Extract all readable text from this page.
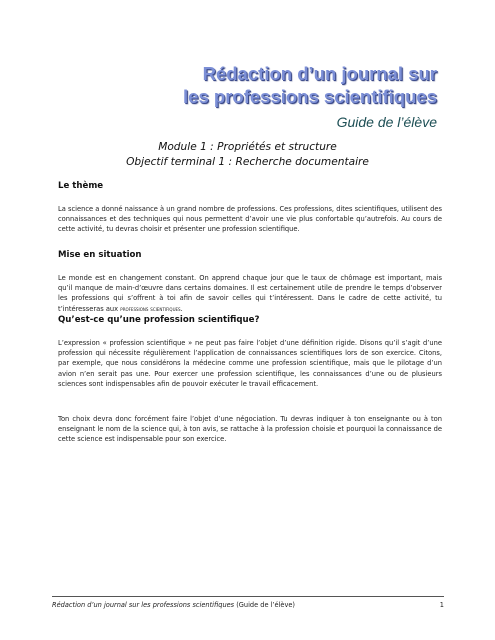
Rédaction d’un journal sur
les professions scientifiques

Guide de l’élève

Module 1 : Propriétés et structure
Objectif terminal 1 : Recherche documentaire
Le thème

La science a donné naissance à un grand nombre de professions. Ces professions, dites scientifiques, utilisent des connaissances et des techniques qui nous permettent d’avoir une vie plus confortable qu’autrefois. Au cours de cette activité, tu devras choisir et présenter une profession scientifique.

Mise en situation

Le monde est en changement constant. On apprend chaque jour que le taux de chômage est important, mais qu’il manque de main-d’œuvre dans certains domaines. Il est certainement utile de prendre le temps d’observer les professions qui s’offrent à toi afin de savoir celles qui t’intéressent. Dans le cadre de cette activité, tu t’intéresseras aux professions scientifiques.

Qu’est-ce qu’une profession scientifique?

L’expression « profession scientifique » ne peut pas faire l’objet d’une définition rigide. Disons qu’il s’agit d’une profession qui nécessite régulièrement l’application de connaissances scientifiques lors de son exercice. Citons, par exemple, que nous considérons la médecine comme une profession scientifique, mais que le pilotage d’un avion n’en serait pas une. Pour exercer une profession scientifique, les connaissances d’une ou de plusieurs sciences sont indispensables afin de pouvoir exécuter le travail efficacement.

Ton choix devra donc forcément faire l’objet d’une négociation. Tu devras indiquer à ton enseignante ou à ton enseignant le nom de la science qui, à ton avis, se rattache à la profession choisie et pourquoi la connaissance de cette science est indispensable pour son exercice.

Rédaction d’un journal sur les professions scientifiques (Guide de l’élève)	1
